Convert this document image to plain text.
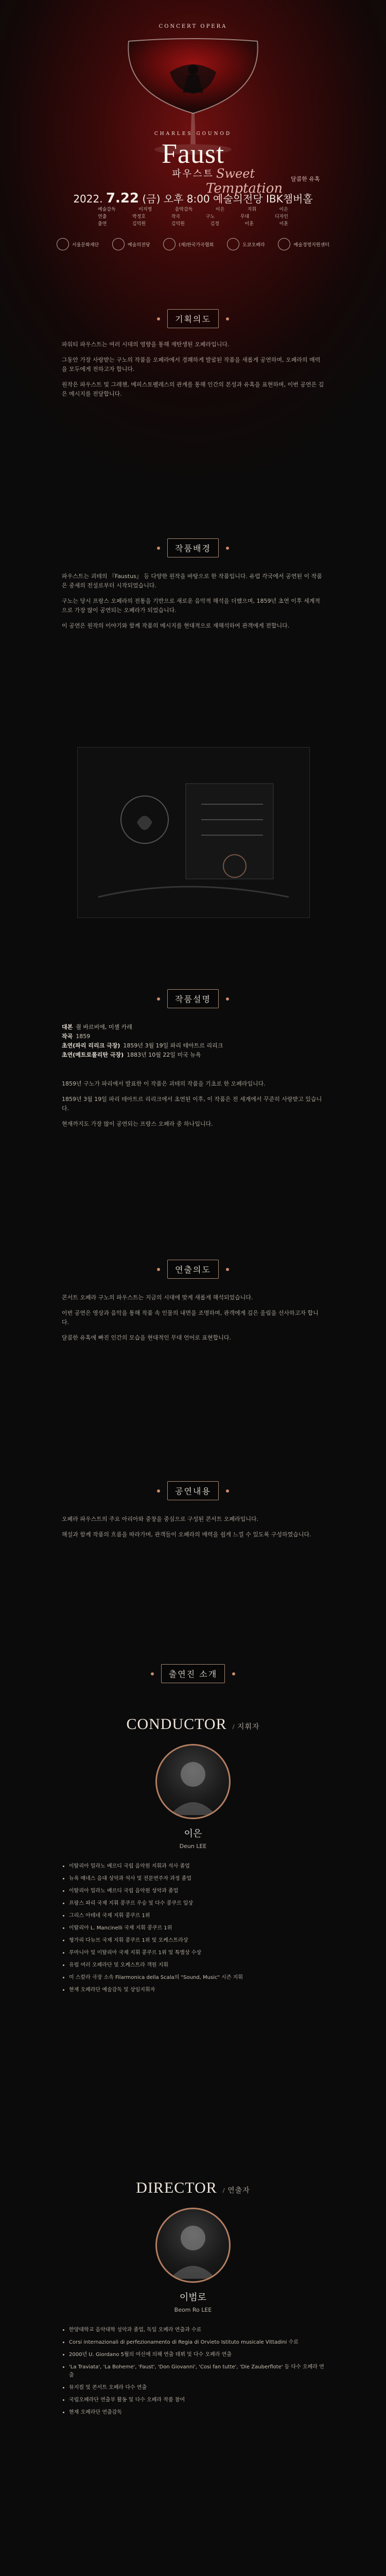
CONCERT OPERA
CHARLES GOUNOD
Faust
파우스트 Sweet
Temptation
달콤한 유혹
2022. 7.22 (금) 오후 8:00 예술의전당 IBK챔버홀
예술감독	이지영	음악감독	이은	지휘	이은
연출	박정호	작곡	구노	무대	디자인
출연	김덕원	김덕원	김정	이훈	이훈
서울문화재단	예술의전당	(재)한국가곡협회	도쿄오페라	예술경영지원센터
기획의도

파워티 파우스트는 여러 시대의 영향을 통해 재탄생된 오페라입니다.

그동안 가장 사랑받는 구노의 작품을 오페라에서 경쾌하게 발굴된 작품을 새롭게 공연하며, 오페라의 매력을 모두에게 전하고자 합니다.

원작은 파우스트 및 그레첸, 메피스토펠레스의 관계를 통해 인간의 본성과 유혹을 표현하며, 이번 공연은 깊은 메시지를 전달합니다.

작품배경

파우스트는 괴테의 『Faustus』 등 다양한 원작을 바탕으로 한 작품입니다. 유럽 각국에서 공연된 이 작품은 중세의 전설로부터 시작되었습니다.

구노는 당시 프랑스 오페라의 전통을 기반으로 새로운 음악적 해석을 더했으며, 1859년 초연 이후 세계적으로 가장 많이 공연되는 오페라가 되었습니다.

이 공연은 원작의 이야기와 함께 작품의 메시지를 현대적으로 재해석하여 관객에게 전합니다.

작품설명
대본 쥘 바르비에, 미셸 카레
작곡 1859
초연(파리 리리크 극장) 1859년 3월 19일 파리 테아트르 리리크
초연(메트로폴리탄 극장) 1883년 10월 22일 미국 뉴욕

1859년 구노가 파리에서 발표한 이 작품은 괴테의 작품을 기초로 한 오페라입니다.

1859년 3월 19일 파리 테아트르 리리크에서 초연된 이후, 이 작품은 전 세계에서 꾸준히 사랑받고 있습니다.

현재까지도 가장 많이 공연되는 프랑스 오페라 중 하나입니다.

연출의도

콘서트 오페라 구노의 파우스트는 지금의 시대에 맞게 새롭게 해석되었습니다.

이번 공연은 영상과 음악을 통해 작품 속 인물의 내면을 조명하며, 관객에게 깊은 울림을 선사하고자 합니다.

달콤한 유혹에 빠진 인간의 모습을 현대적인 무대 언어로 표현합니다.

공연내용

오페라 파우스트의 주요 아리아와 중창을 중심으로 구성된 콘서트 오페라입니다.

해설과 함께 작품의 흐름을 따라가며, 관객들이 오페라의 매력을 쉽게 느낄 수 있도록 구성하였습니다.

출연진 소개
CONDUCTOR / 지휘자
이은
Deun LEE
• 이탈리아 밀라노 베르디 국립 음악원 지휘과 석사 졸업
• 뉴욕 매네스 음대 성악과 석사 및 전문연주자 과정 졸업
• 이탈리아 밀라노 베르디 국립 음악원 성악과 졸업
• 프랑스 파리 국제 지휘 콩쿠르 우승 및 다수 콩쿠르 입상
• 그리스 아테네 국제 지휘 콩쿠르 1위
• 이탈리아 L. Mancinelli 국제 지휘 콩쿠르 1위
• 형가리 다뉴브 국제 지휘 콩쿠르 1위 및 오케스트라상
• 루마니아 및 이탈리아 국제 지휘 콩쿠르 1위 및 특별상 수상
• 유럽 여러 오페라단 및 오케스트라 객원 지휘
• 미 스칼라 극장 소속 Filarmonica della Scala의 "Sound, Music" 시즌 지휘
• 현재 오페라단 예술감독 및 상임지휘자
DIRECTOR / 연출자
이범로
Beom Ro LEE
• 한양대학교 음악대학 성악과 졸업, 독일 오페라 연출과 수료
• Corsi internazionali di perfezionamento di Regia di Orvieto Istituto musicale Vittadini 수료
• 2000년 U. Giordano 5월의 여신에 의해 연출 데뷔 및 다수 오페라 연출
• 'La Traviata', 'La Boheme', 'Faust', 'Don Giovanni', 'Cosi fan tutte', 'Die Zauberflote' 등 다수 오페라 연출
• 뮤지컬 및 콘서트 오페라 다수 연출
• 국립오페라단 연출부 활동 및 다수 오페라 작품 참여
• 현재 오페라단 연출감독
